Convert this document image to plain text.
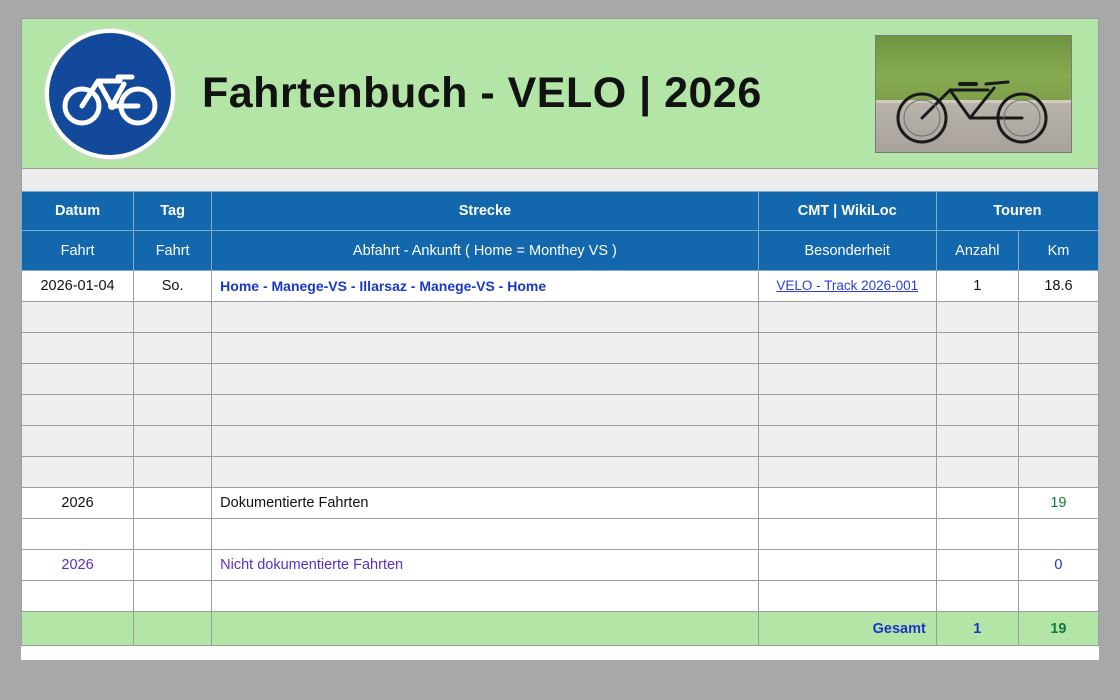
Fahrtenbuch - VELO | 2026
Datum	Tag	Strecke	CMT | WikiLoc	Touren	
Fahrt	Fahrt	Abfahrt - Ankunft ( Home = Monthey VS )	Besonderheit	Anzahl	Km
2026-01-04	So.	Home - Manege-VS - Illarsaz - Manege-VS - Home	VELO - Track 2026-001	1	18.6

2026		Dokumentierte Fahrten			19

2026		Nicht dokumentierte Fahrten			0

			Gesamt	1	19
